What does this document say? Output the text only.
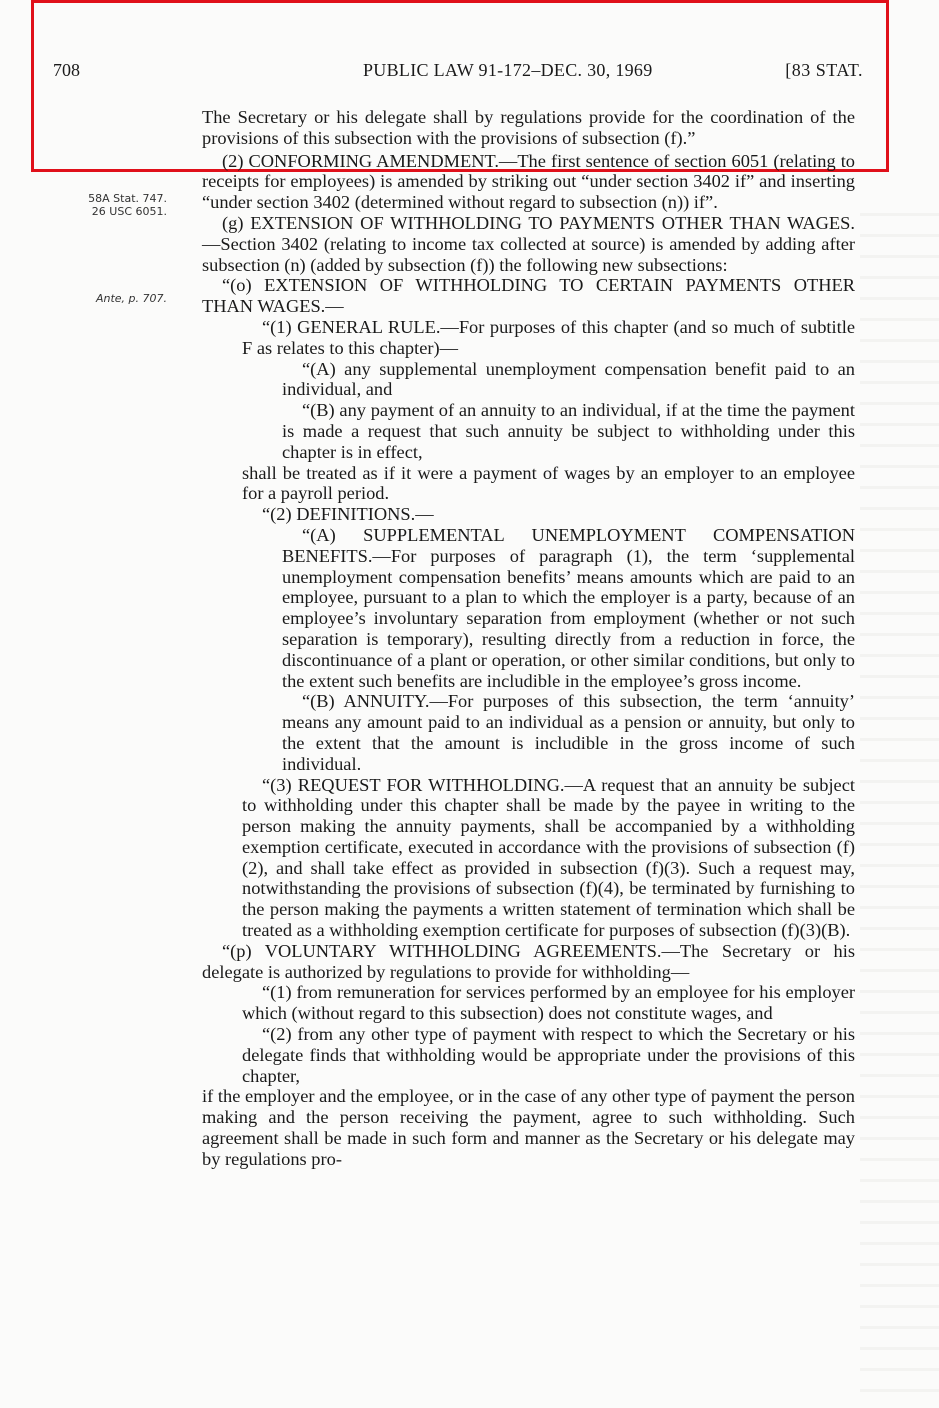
708	PUBLIC LAW 91-172–DEC. 30, 1969	[83 STAT.
58A Stat. 747.
26 USC 6051.
Ante, p. 707.

The Secretary or his delegate shall by regulations provide for the coordination of the provisions of this subsection with the provisions of subsection (f).”

(2) CONFORMING AMENDMENT.—The first sentence of section 6051 (relating to receipts for employees) is amended by striking out “under section 3402 if” and inserting “under section 3402 (determined without regard to subsection (n)) if”.

(g) EXTENSION OF WITHHOLDING TO PAYMENTS OTHER THAN WAGES.—Section 3402 (relating to income tax collected at source) is amended by adding after subsection (n) (added by subsection (f)) the following new subsections:

“(o) EXTENSION OF WITHHOLDING TO CERTAIN PAYMENTS OTHER THAN WAGES.—

“(1) GENERAL RULE.—For purposes of this chapter (and so much of subtitle F as relates to this chapter)—

“(A) any supplemental unemployment compensation benefit paid to an individual, and

“(B) any payment of an annuity to an individual, if at the time the payment is made a request that such annuity be subject to withholding under this chapter is in effect,

shall be treated as if it were a payment of wages by an employer to an employee for a payroll period.

“(2) DEFINITIONS.—

“(A) SUPPLEMENTAL UNEMPLOYMENT COMPENSATION BENEFITS.—For purposes of paragraph (1), the term ‘supplemental unemployment compensation benefits’ means amounts which are paid to an employee, pursuant to a plan to which the employer is a party, because of an employee’s involuntary separation from employment (whether or not such separation is temporary), resulting directly from a reduction in force, the discontinuance of a plant or operation, or other similar conditions, but only to the extent such benefits are includible in the employee’s gross income.

“(B) ANNUITY.—For purposes of this subsection, the term ‘annuity’ means any amount paid to an individual as a pension or annuity, but only to the extent that the amount is includible in the gross income of such individual.

“(3) REQUEST FOR WITHHOLDING.—A request that an annuity be subject to withholding under this chapter shall be made by the payee in writing to the person making the annuity payments, shall be accompanied by a withholding exemption certificate, executed in accordance with the provisions of subsection (f)(2), and shall take effect as provided in subsection (f)(3). Such a request may, notwithstanding the provisions of subsection (f)(4), be terminated by furnishing to the person making the payments a written statement of termination which shall be treated as a withholding exemption certificate for purposes of subsection (f)(3)(B).

“(p) VOLUNTARY WITHHOLDING AGREEMENTS.—The Secretary or his delegate is authorized by regulations to provide for withholding—

“(1) from remuneration for services performed by an employee for his employer which (without regard to this subsection) does not constitute wages, and

“(2) from any other type of payment with respect to which the Secretary or his delegate finds that withholding would be appropriate under the provisions of this chapter,

if the employer and the employee, or in the case of any other type of payment the person making and the person receiving the payment, agree to such withholding. Such agreement shall be made in such form and manner as the Secretary or his delegate may by regulations pro-
